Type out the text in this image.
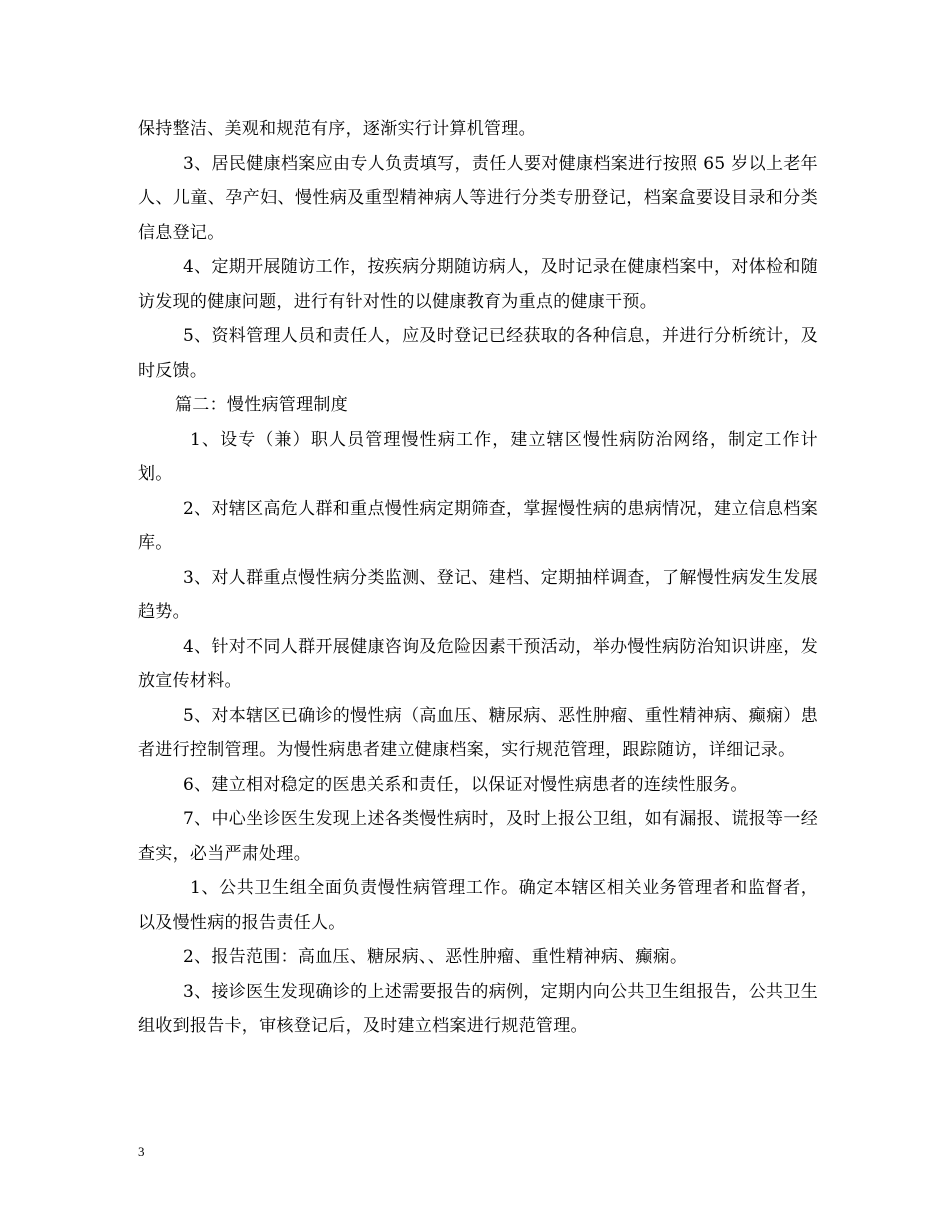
保持整洁、美观和规范有序，逐渐实行计算机管理。

3、居民健康档案应由专人负责填写，责任人要对健康档案进行按照 65 岁以上老年人、儿童、孕产妇、慢性病及重型精神病人等进行分类专册登记，档案盒要设目录和分类信息登记。

4、定期开展随访工作，按疾病分期随访病人，及时记录在健康档案中，对体检和随访发现的健康问题，进行有针对性的以健康教育为重点的健康干预。

5、资料管理人员和责任人，应及时登记已经获取的各种信息，并进行分析统计，及时反馈。

篇二：慢性病管理制度

1、设专（兼）职人员管理慢性病工作，建立辖区慢性病防治网络，制定工作计划。

2、对辖区高危人群和重点慢性病定期筛查，掌握慢性病的患病情况，建立信息档案库。

3、对人群重点慢性病分类监测、登记、建档、定期抽样调查，了解慢性病发生发展趋势。

4、针对不同人群开展健康咨询及危险因素干预活动，举办慢性病防治知识讲座，发放宣传材料。

5、对本辖区已确诊的慢性病（高血压、糖尿病、恶性肿瘤、重性精神病、癫痫）患者进行控制管理。为慢性病患者建立健康档案，实行规范管理，跟踪随访，详细记录。

6、建立相对稳定的医患关系和责任，以保证对慢性病患者的连续性服务。

7、中心坐诊医生发现上述各类慢性病时，及时上报公卫组，如有漏报、谎报等一经查实，必当严肃处理。

1、公共卫生组全面负责慢性病管理工作。确定本辖区相关业务管理者和监督者，以及慢性病的报告责任人。

2、报告范围：高血压、糖尿病、、恶性肿瘤、重性精神病、癫痫。

3、接诊医生发现确诊的上述需要报告的病例，定期内向公共卫生组报告，公共卫生组收到报告卡，审核登记后，及时建立档案进行规范管理。

3
